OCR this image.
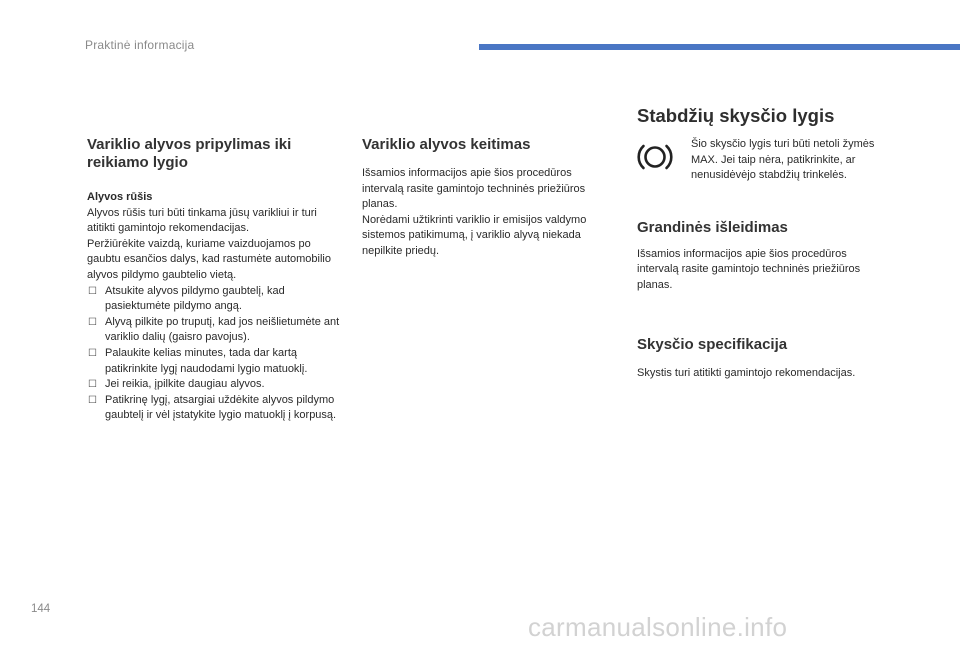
Praktinė informacija
Variklio alyvos pripylimas iki reikiamo lygio

Alyvos rūšis

Alyvos rūšis turi būti tinkama jūsų varikliui ir turi atitikti gamintojo rekomendacijas.

Peržiūrėkite vaizdą, kuriame vaizduojamos po gaubtu esančios dalys, kad rastumėte automobilio alyvos pildymo gaubtelio vietą.

☐ Atsukite alyvos pildymo gaubtelį, kad pasiektumėte pildymo angą.
☐ Alyvą pilkite po truputį, kad jos neišlietumėte ant variklio dalių (gaisro pavojus).
☐ Palaukite kelias minutes, tada dar kartą patikrinkite lygį naudodami lygio matuoklį.
☐ Jei reikia, įpilkite daugiau alyvos.
☐ Patikrinę lygį, atsargiai uždėkite alyvos pildymo gaubtelį ir vėl įstatykite lygio matuoklį į korpusą.
Variklio alyvos keitimas

Išsamios informacijos apie šios procedūros intervalą rasite gamintojo techninės priežiūros planas.

Norėdami užtikrinti variklio ir emisijos valdymo sistemos patikimumą, į variklio alyvą niekada nepilkite priedų.

Stabdžių skysčio lygis
Šio skysčio lygis turi būti netoli žymės MAX. Jei taip nėra, patikrinkite, ar nenusidėvėjo stabdžių trinkelės.
Grandinės išleidimas

Išsamios informacijos apie šios procedūros intervalą rasite gamintojo techninės priežiūros planas.

Skysčio specifikacija

Skystis turi atitikti gamintojo rekomendacijas.

144
carmanualsonline.info
